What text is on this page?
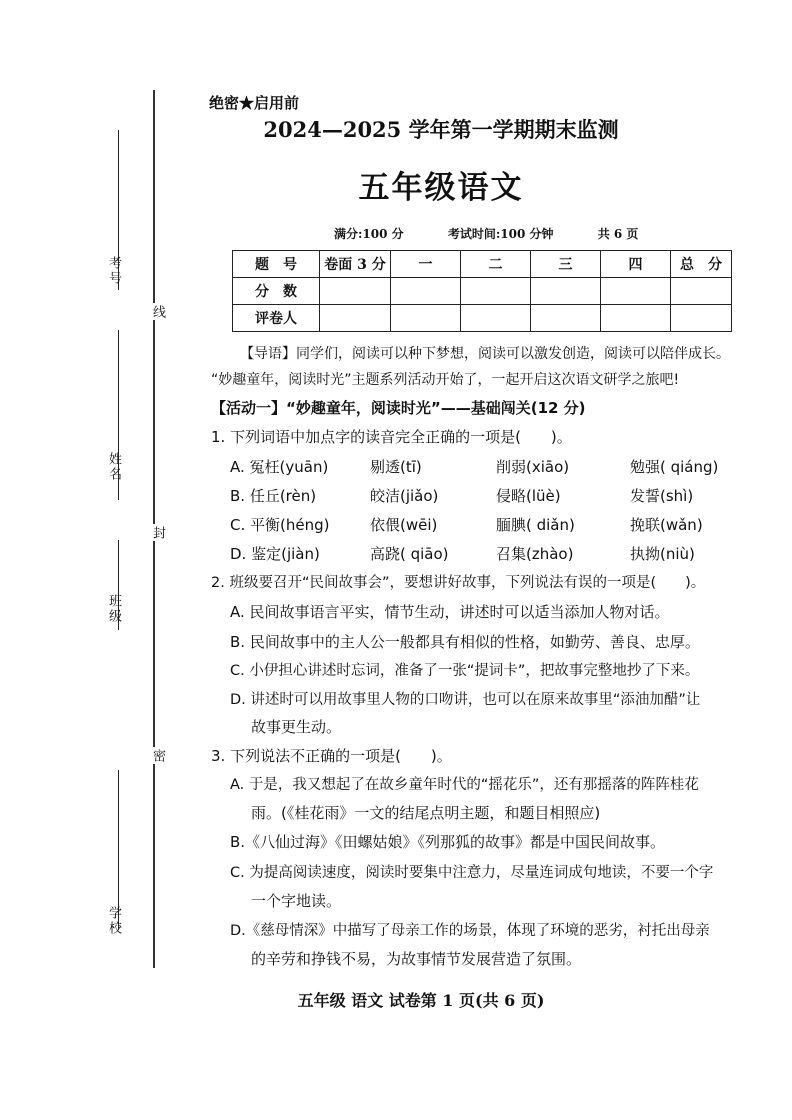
考号
姓名
班级
学校
线
封
密
绝密★启用前
2024—2025 学年第一学期期末监测
五年级语文
满分:100 分	考试时间:100 分钟	共 6 页
题　号	卷面 3 分	一	二	三	四	总　分
分　数						
评卷人						
【导语】同学们，阅读可以种下梦想，阅读可以激发创造，阅读可以陪伴成长。
“妙趣童年，阅读时光”主题系列活动开始了，一起开启这次语文研学之旅吧!
【活动一】“妙趣童年，阅读时光”——基础闯关(12 分)
1. 下列词语中加点字的读音完全正确的一项是(　　)。
A. 冤枉(yuān)	剔透(tī)	削弱(xiāo)	勉强( qiáng)
B. 任丘(rèn)	皎洁(jiǎo)	侵略(lüè)	发誓(shì)
C. 平衡(héng)	依偎(wēi)	腼腆( diǎn)	挽联(wǎn)
D. 鉴定(jiàn)	高跷( qiāo)	召集(zhào)	执拗(niù)
2. 班级要召开“民间故事会”，要想讲好故事，下列说法有误的一项是(　　)。
A. 民间故事语言平实，情节生动，讲述时可以适当添加人物对话。
B. 民间故事中的主人公一般都具有相似的性格，如勤劳、善良、忠厚。
C. 小伊担心讲述时忘词，准备了一张“提词卡”，把故事完整地抄了下来。
D. 讲述时可以用故事里人物的口吻讲，也可以在原来故事里“添油加醋”让
故事更生动。
3. 下列说法不正确的一项是(　　)。
A. 于是，我又想起了在故乡童年时代的“摇花乐”，还有那摇落的阵阵桂花
雨。(《桂花雨》一文的结尾点明主题，和题目相照应)
B.《八仙过海》《田螺姑娘》《列那狐的故事》都是中国民间故事。
C. 为提高阅读速度，阅读时要集中注意力，尽量连词成句地读，不要一个字
一个字地读。
D.《慈母情深》中描写了母亲工作的场景，体现了环境的恶劣，衬托出母亲
的辛劳和挣钱不易，为故事情节发展营造了氛围。
五年级 语文 试卷第 1 页(共 6 页)
